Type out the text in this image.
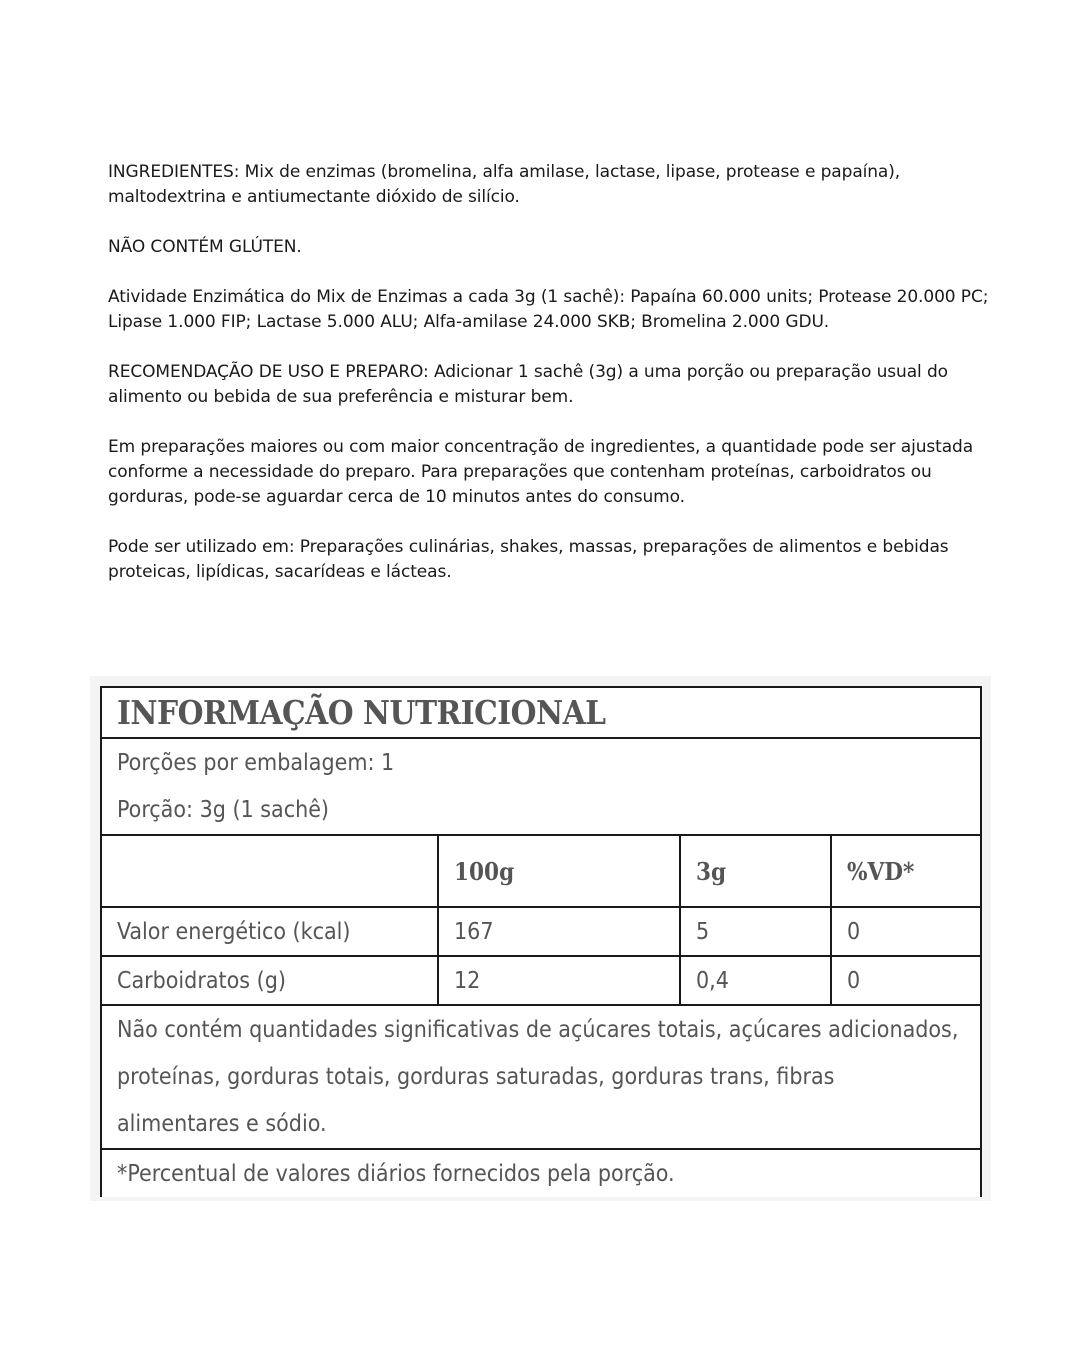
INGREDIENTES: Mix de enzimas (bromelina, alfa amilase, lactase, lipase, protease e papaína), maltodextrina e antiumectante dióxido de silício.

NÃO CONTÉM GLÚTEN.

Atividade Enzimática do Mix de Enzimas a cada 3g (1 sachê): Papaína 60.000 units; Protease 20.000 PC; Lipase 1.000 FIP; Lactase 5.000 ALU; Alfa-amilase 24.000 SKB; Bromelina 2.000 GDU.

RECOMENDAÇÃO DE USO E PREPARO: Adicionar 1 sachê (3g) a uma porção ou preparação usual do alimento ou bebida de sua preferência e misturar bem.

Em preparações maiores ou com maior concentração de ingredientes, a quantidade pode ser ajustada conforme a necessidade do preparo. Para preparações que contenham proteínas, carboidratos ou gorduras, pode-se aguardar cerca de 10 minutos antes do consumo.

Pode ser utilizado em: Preparações culinárias, shakes, massas, preparações de alimentos e bebidas proteicas, lipídicas, sacarídeas e lácteas.

INFORMAÇÃO NUTRICIONAL			

Porções por embalagem: 1
Porção: 3g (1 sachê)			

	100g	3g	%VD*
Valor energético (kcal)	167	5	0
Carboidratos (g)	12	0,4	0
Não contém quantidades significativas de açúcares totais, açúcares adicionados, proteínas, gorduras totais, gorduras saturadas, gorduras trans, fibras alimentares e sódio.			
*Percentual de valores diários fornecidos pela porção.			
